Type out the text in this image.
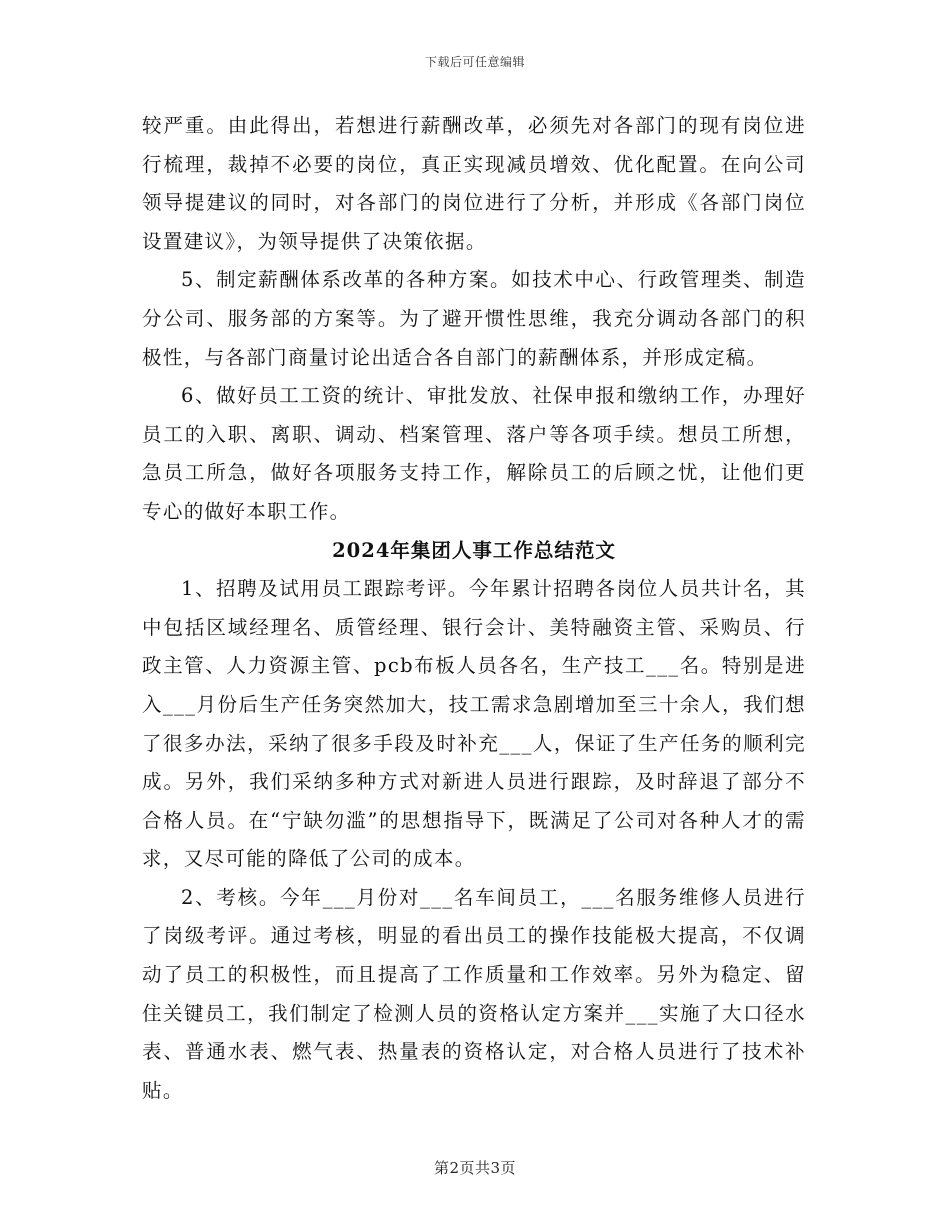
下载后可任意编辑

较严重。由此得出，若想进行薪酬改革，必须先对各部门的现有岗位进行梳理，裁掉不必要的岗位，真正实现减员增效、优化配置。在向公司领导提建议的同时，对各部门的岗位进行了分析，并形成《各部门岗位设置建议》，为领导提供了决策依据。

5、制定薪酬体系改革的各种方案。如技术中心、行政管理类、制造分公司、服务部的方案等。为了避开惯性思维，我充分调动各部门的积极性，与各部门商量讨论出适合各自部门的薪酬体系，并形成定稿。

6、做好员工工资的统计、审批发放、社保申报和缴纳工作，办理好员工的入职、离职、调动、档案管理、落户等各项手续。想员工所想，急员工所急，做好各项服务支持工作，解除员工的后顾之忧，让他们更专心的做好本职工作。

2024年集团人事工作总结范文

1、招聘及试用员工跟踪考评。今年累计招聘各岗位人员共计名，其中包括区域经理名、质管经理、银行会计、美特融资主管、采购员、行政主管、人力资源主管、pcb布板人员各名，生产技工___名。特别是进入___月份后生产任务突然加大，技工需求急剧增加至三十余人，我们想了很多办法，采纳了很多手段及时补充___人，保证了生产任务的顺利完成。另外，我们采纳多种方式对新进人员进行跟踪，及时辞退了部分不合格人员。在“宁缺勿滥”的思想指导下，既满足了公司对各种人才的需求，又尽可能的降低了公司的成本。

2、考核。今年___月份对___名车间员工，___名服务维修人员进行了岗级考评。通过考核，明显的看出员工的操作技能极大提高，不仅调动了员工的积极性，而且提高了工作质量和工作效率。另外为稳定、留住关键员工，我们制定了检测人员的资格认定方案并___实施了大口径水表、普通水表、燃气表、热量表的资格认定，对合格人员进行了技术补贴。

第2页共3页
